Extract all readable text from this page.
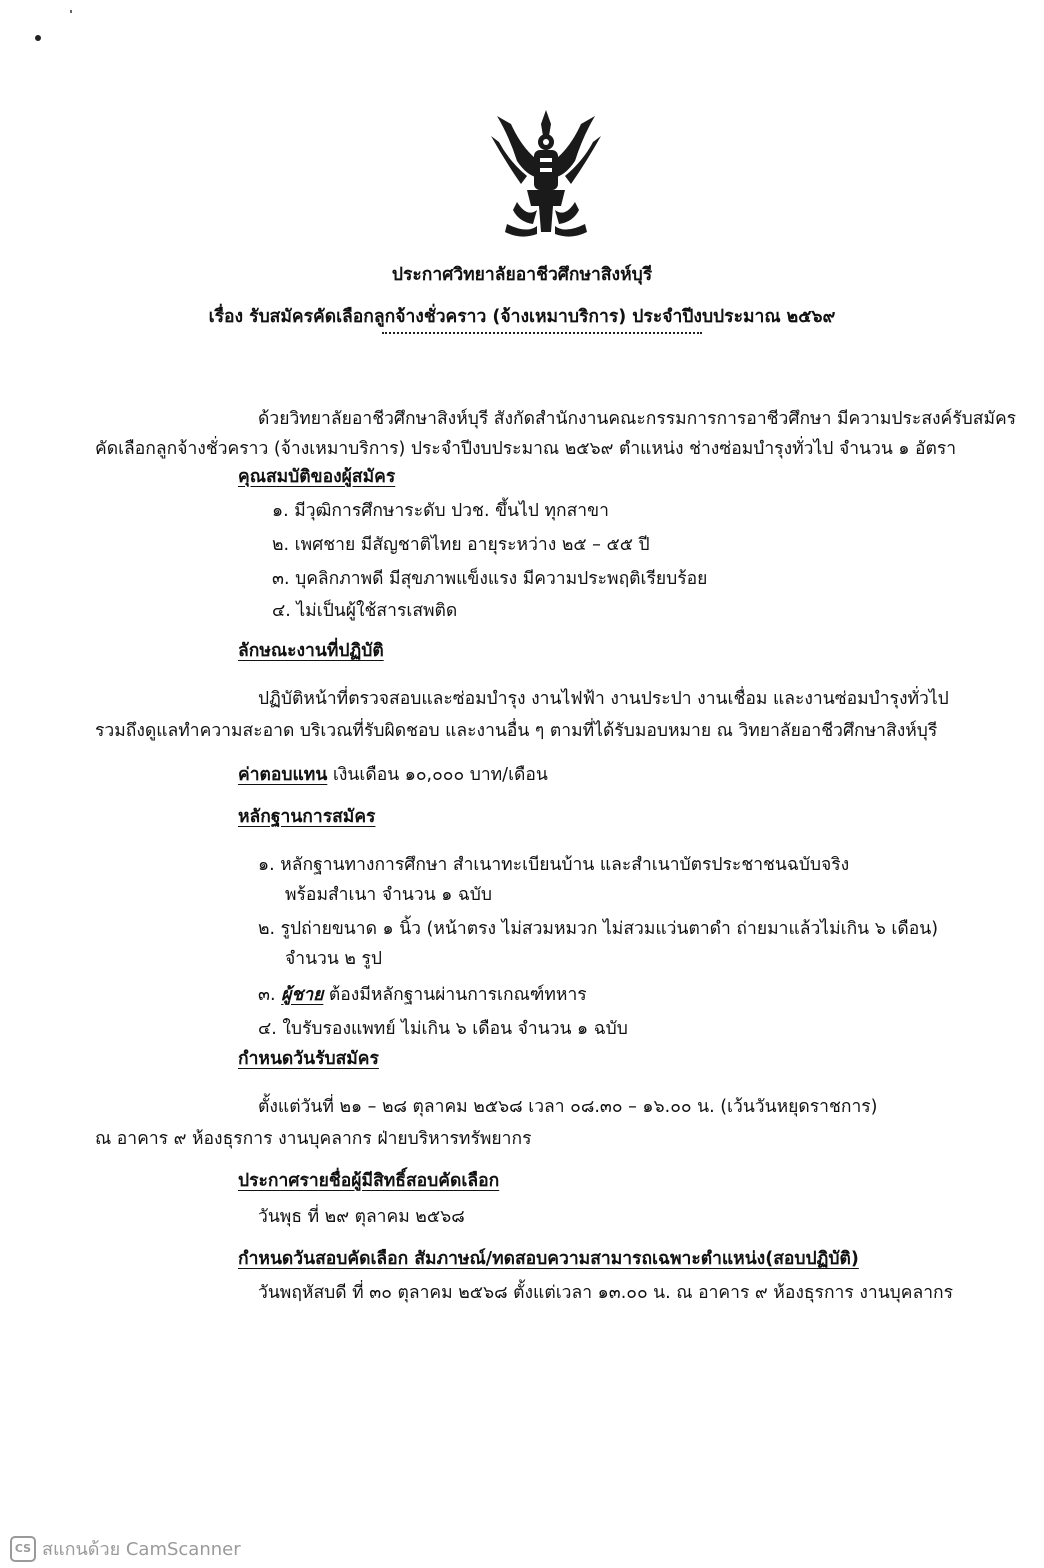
ประกาศวิทยาลัยอาชีวศึกษาสิงห์บุรี
เรื่อง รับสมัครคัดเลือกลูกจ้างชั่วคราว (จ้างเหมาบริการ) ประจำปีงบประมาณ ๒๕๖๙
ด้วยวิทยาลัยอาชีวศึกษาสิงห์บุรี สังกัดสำนักงานคณะกรรมการการอาชีวศึกษา มีความประสงค์รับสมัคร
คัดเลือกลูกจ้างชั่วคราว (จ้างเหมาบริการ) ประจำปีงบประมาณ ๒๕๖๙ ตำแหน่ง ช่างซ่อมบำรุงทั่วไป จำนวน ๑ อัตรา
คุณสมบัติของผู้สมัคร
๑. มีวุฒิการศึกษาระดับ ปวช. ขึ้นไป ทุกสาขา
๒. เพศชาย มีสัญชาติไทย อายุระหว่าง ๒๕ – ๕๕ ปี
๓. บุคลิกภาพดี มีสุขภาพแข็งแรง มีความประพฤติเรียบร้อย
๔. ไม่เป็นผู้ใช้สารเสพติด
ลักษณะงานที่ปฏิบัติ
ปฏิบัติหน้าที่ตรวจสอบและซ่อมบำรุง งานไฟฟ้า งานประปา งานเชื่อม และงานซ่อมบำรุงทั่วไป
รวมถึงดูแลทำความสะอาด บริเวณที่รับผิดชอบ และงานอื่น ๆ ตามที่ได้รับมอบหมาย ณ วิทยาลัยอาชีวศึกษาสิงห์บุรี
ค่าตอบแทน เงินเดือน ๑๐,๐๐๐ บาท/เดือน
หลักฐานการสมัคร
๑. หลักฐานทางการศึกษา สำเนาทะเบียนบ้าน และสำเนาบัตรประชาชนฉบับจริง
พร้อมสำเนา จำนวน ๑ ฉบับ
๒. รูปถ่ายขนาด ๑ นิ้ว (หน้าตรง ไม่สวมหมวก ไม่สวมแว่นตาดำ ถ่ายมาแล้วไม่เกิน ๖ เดือน)
จำนวน ๒ รูป
๓. ผู้ชาย ต้องมีหลักฐานผ่านการเกณฑ์ทหาร
๔. ใบรับรองแพทย์ ไม่เกิน ๖ เดือน จำนวน ๑ ฉบับ
กำหนดวันรับสมัคร
ตั้งแต่วันที่ ๒๑ – ๒๘ ตุลาคม ๒๕๖๘ เวลา ๐๘.๓๐ – ๑๖.๐๐ น. (เว้นวันหยุดราชการ)
ณ อาคาร ๙ ห้องธุรการ งานบุคลากร ฝ่ายบริหารทรัพยากร
ประกาศรายชื่อผู้มีสิทธิ์สอบคัดเลือก
วันพุธ ที่ ๒๙ ตุลาคม ๒๕๖๘
กำหนดวันสอบคัดเลือก สัมภาษณ์/ทดสอบความสามารถเฉพาะตำแหน่ง(สอบปฏิบัติ)
วันพฤหัสบดี ที่ ๓๐ ตุลาคม ๒๕๖๘ ตั้งแต่เวลา ๑๓.๐๐ น. ณ อาคาร ๙ ห้องธุรการ งานบุคลากร
CS สแกนด้วย CamScanner
